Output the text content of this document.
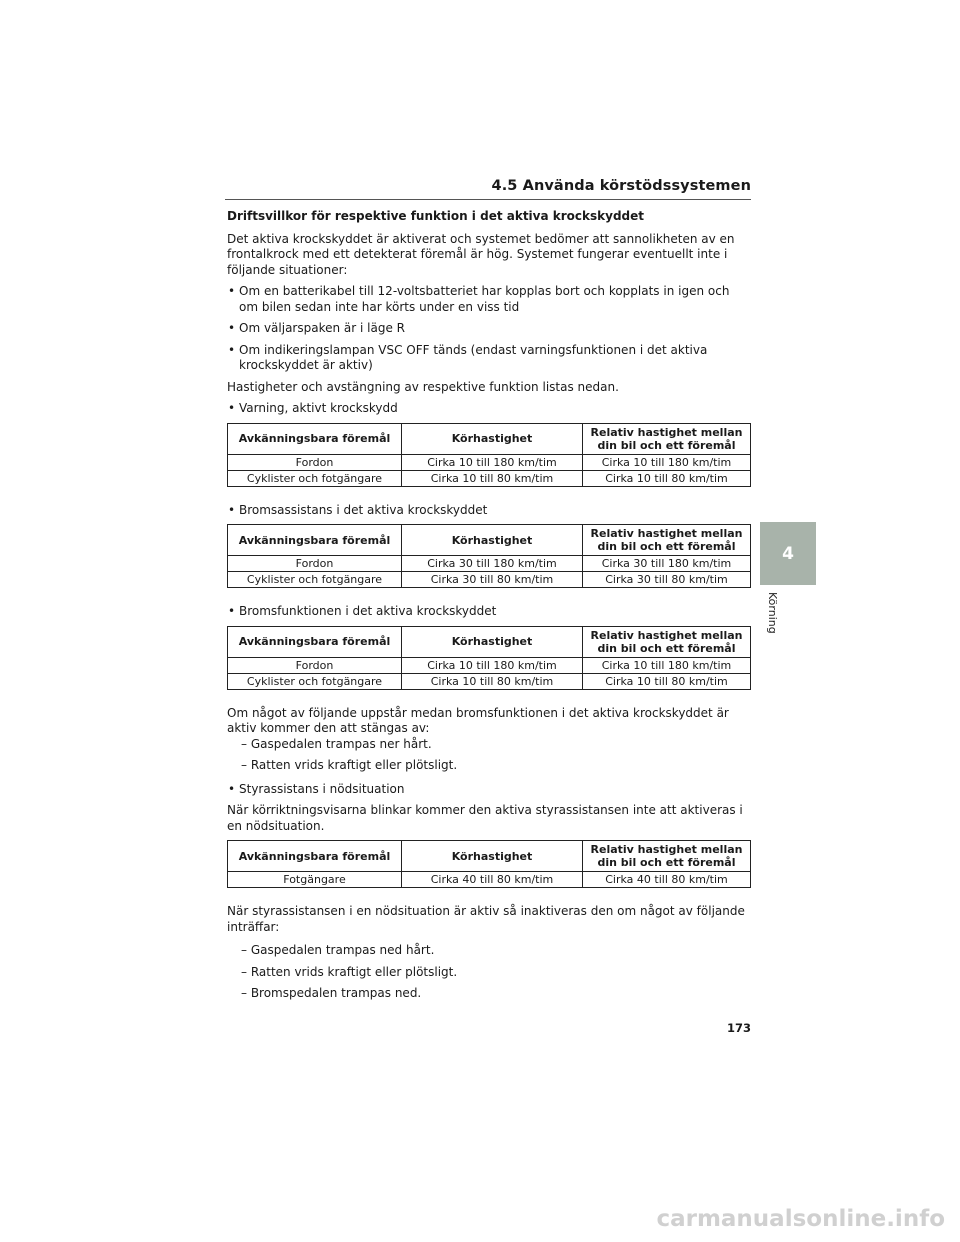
4.5 Använda körstödssystemen
4
Körning

Driftsvillkor för respektive funktion i det aktiva krockskyddet

Det aktiva krockskyddet är aktiverat och systemet bedömer att sannolikheten av en frontalkrock med ett detekterat föremål är hög. Systemet fungerar eventuellt inte i följande situationer:

• Om en batterikabel till 12-voltsbatteriet har kopplas bort och kopplats in igen och om bilen sedan inte har körts under en viss tid

• Om väljarspaken är i läge R

• Om indikeringslampan VSC OFF tänds (endast varningsfunktionen i det aktiva krockskyddet är aktiv)

Hastigheter och avstängning av respektive funktion listas nedan.

• Varning, aktivt krockskydd

Avkänningsbara föremål	Körhastighet	Relativ hastighet mellan din bil och ett föremål
Fordon	Cirka 10 till 180 km/tim	Cirka 10 till 180 km/tim
Cyklister och fotgängare	Cirka 10 till 80 km/tim	Cirka 10 till 80 km/tim

• Bromsassistans i det aktiva krockskyddet

Avkänningsbara föremål	Körhastighet	Relativ hastighet mellan din bil och ett föremål
Fordon	Cirka 30 till 180 km/tim	Cirka 30 till 180 km/tim
Cyklister och fotgängare	Cirka 30 till 80 km/tim	Cirka 30 till 80 km/tim

• Bromsfunktionen i det aktiva krockskyddet

Avkänningsbara föremål	Körhastighet	Relativ hastighet mellan din bil och ett föremål
Fordon	Cirka 10 till 180 km/tim	Cirka 10 till 180 km/tim
Cyklister och fotgängare	Cirka 10 till 80 km/tim	Cirka 10 till 80 km/tim

Om något av följande uppstår medan bromsfunktionen i det aktiva krockskyddet är aktiv kommer den att stängas av:

– Gaspedalen trampas ner hårt.

– Ratten vrids kraftigt eller plötsligt.

• Styrassistans i nödsituation

När körriktningsvisarna blinkar kommer den aktiva styrassistansen inte att aktiveras i en nödsituation.

Avkänningsbara föremål	Körhastighet	Relativ hastighet mellan din bil och ett föremål
Fotgängare	Cirka 40 till 80 km/tim	Cirka 40 till 80 km/tim

När styrassistansen i en nödsituation är aktiv så inaktiveras den om något av följande inträffar:

– Gaspedalen trampas ned hårt.

– Ratten vrids kraftigt eller plötsligt.

– Bromspedalen trampas ned.

173
carmanualsonline.info
